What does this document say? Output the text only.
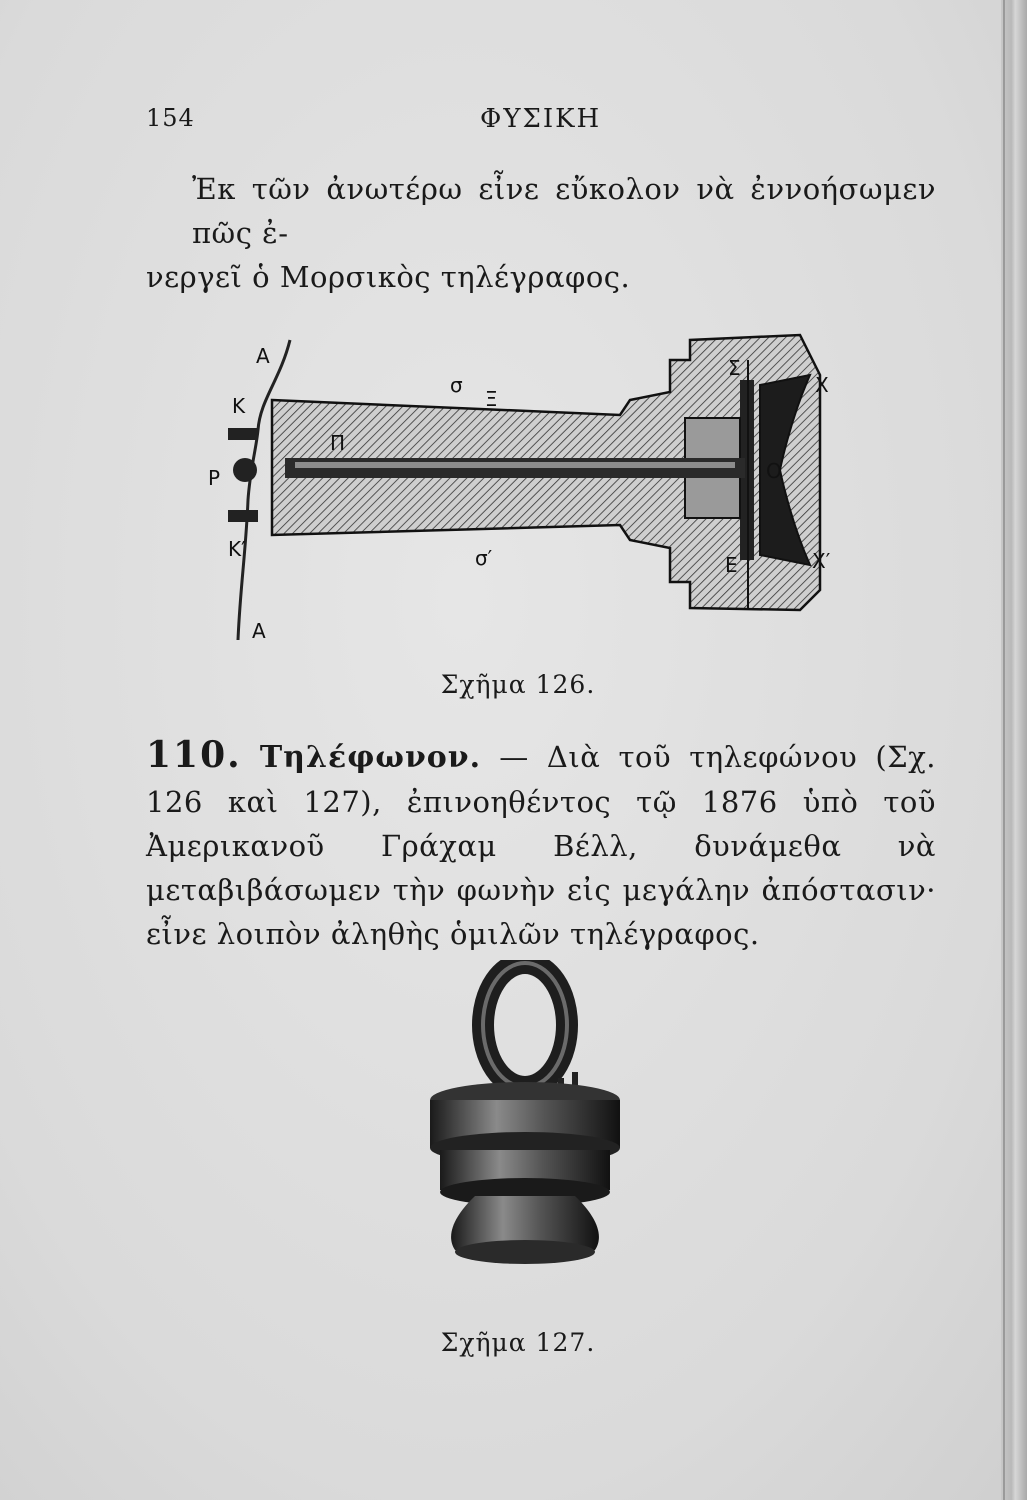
154	ΦΥΣΙΚΗ
Ἐκ τῶν ἀνωτέρω εἶνε εὔκολον νὰ ἐννοήσωμεν πῶς ἐ-
νεργεῖ ὁ Μορσικὸς τηλέγραφος.
A
K
P
K′
A
σ
Ξ
Π
σ′
Σ
X
O
E	X′
Σχῆμα 126.
110. Τηλέφωνον. — Διὰ τοῦ τηλεφώνου (Σχ. 126 καὶ 127), ἐπινοηθέντος τῷ 1876 ὑπὸ τοῦ Ἀμερικανοῦ Γράχαμ Βέλλ, δυνάμεθα νὰ μεταβιβάσωμεν τὴν φωνὴν εἰς μεγάλην ἀπόστασιν· εἶνε λοιπὸν ἀληθὴς ὁμιλῶν τηλέγραφος.
Σχῆμα 127.
